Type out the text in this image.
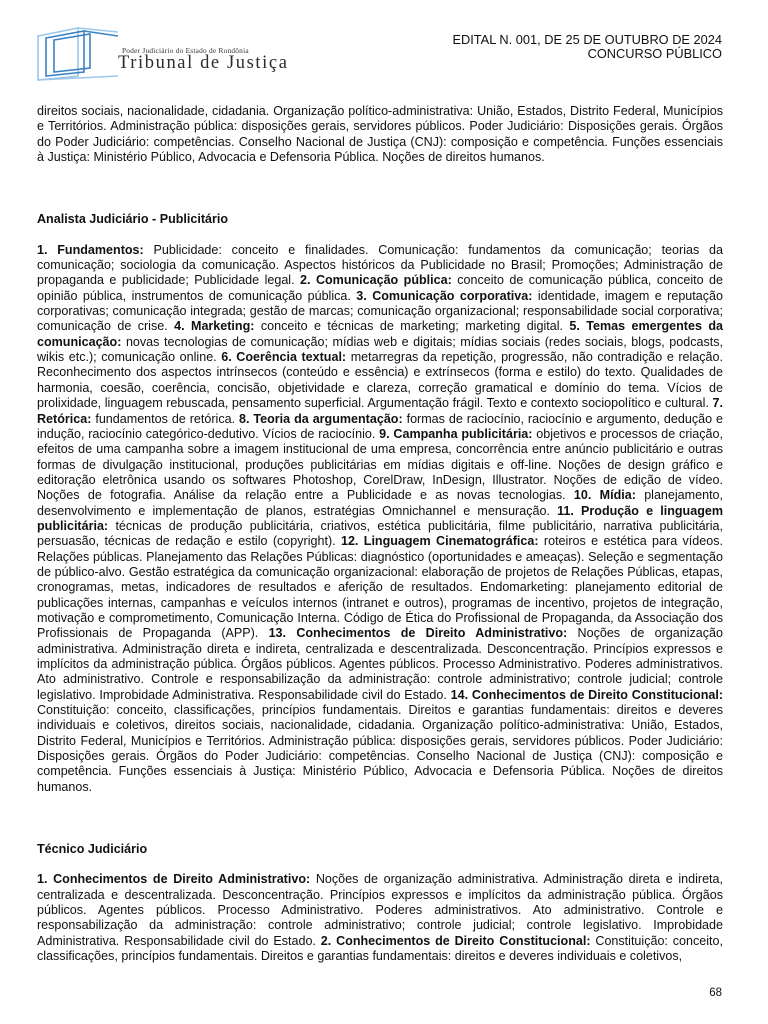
Poder Judiciário do Estado de Rondônia
Tribunal de Justiça
EDITAL N. 001, DE 25 DE OUTUBRO DE 2024
CONCURSO PÚBLICO

direitos sociais, nacionalidade, cidadania. Organização político-administrativa: União, Estados, Distrito Federal, Municípios e Territórios. Administração pública: disposições gerais, servidores públicos. Poder Judiciário: Disposições gerais. Órgãos do Poder Judiciário: competências. Conselho Nacional de Justiça (CNJ): composição e competência. Funções essenciais à Justiça: Ministério Público, Advocacia e Defensoria Pública. Noções de direitos humanos.

Analista Judiciário - Publicitário

1. Fundamentos: Publicidade: conceito e finalidades. Comunicação: fundamentos da comunicação; teorias da comunicação; sociologia da comunicação. Aspectos históricos da Publicidade no Brasil; Promoções; Administração de propaganda e publicidade; Publicidade legal. 2. Comunicação pública: conceito de comunicação pública, conceito de opinião pública, instrumentos de comunicação pública. 3. Comunicação corporativa: identidade, imagem e reputação corporativas; comunicação integrada; gestão de marcas; comunicação organizacional; responsabilidade social corporativa; comunicação de crise. 4. Marketing: conceito e técnicas de marketing; marketing digital. 5. Temas emergentes da comunicação: novas tecnologias de comunicação; mídias web e digitais; mídias sociais (redes sociais, blogs, podcasts, wikis etc.); comunicação online. 6. Coerência textual: metarregras da repetição, progressão, não contradição e relação. Reconhecimento dos aspectos intrínsecos (conteúdo e essência) e extrínsecos (forma e estilo) do texto. Qualidades de harmonia, coesão, coerência, concisão, objetividade e clareza, correção gramatical e domínio do tema. Vícios de prolixidade, linguagem rebuscada, pensamento superficial. Argumentação frágil. Texto e contexto sociopolítico e cultural. 7. Retórica: fundamentos de retórica. 8. Teoria da argumentação: formas de raciocínio, raciocínio e argumento, dedução e indução, raciocínio categórico-dedutivo. Vícios de raciocínio. 9. Campanha publicitária: objetivos e processos de criação, efeitos de uma campanha sobre a imagem institucional de uma empresa, concorrência entre anúncio publicitário e outras formas de divulgação institucional, produções publicitárias em mídias digitais e off-line. Noções de design gráfico e editoração eletrônica usando os softwares Photoshop, CorelDraw, InDesign, Illustrator. Noções de edição de vídeo. Noções de fotografia. Análise da relação entre a Publicidade e as novas tecnologias. 10. Mídia: planejamento, desenvolvimento e implementação de planos, estratégias Omnichannel e mensuração. 11. Produção e linguagem publicitária: técnicas de produção publicitária, criativos, estética publicitária, filme publicitário, narrativa publicitária, persuasão, técnicas de redação e estilo (copyright). 12. Linguagem Cinematográfica: roteiros e estética para vídeos. Relações públicas. Planejamento das Relações Públicas: diagnóstico (oportunidades e ameaças). Seleção e segmentação de público-alvo. Gestão estratégica da comunicação organizacional: elaboração de projetos de Relações Públicas, etapas, cronogramas, metas, indicadores de resultados e aferição de resultados. Endomarketing: planejamento editorial de publicações internas, campanhas e veículos internos (intranet e outros), programas de incentivo, projetos de integração, motivação e comprometimento, Comunicação Interna. Código de Ética do Profissional de Propaganda, da Associação dos Profissionais de Propaganda (APP). 13. Conhecimentos de Direito Administrativo: Noções de organização administrativa. Administração direta e indireta, centralizada e descentralizada. Desconcentração. Princípios expressos e implícitos da administração pública. Órgãos públicos. Agentes públicos. Processo Administrativo. Poderes administrativos. Ato administrativo. Controle e responsabilização da administração: controle administrativo; controle judicial; controle legislativo. Improbidade Administrativa. Responsabilidade civil do Estado. 14. Conhecimentos de Direito Constitucional: Constituição: conceito, classificações, princípios fundamentais. Direitos e garantias fundamentais: direitos e deveres individuais e coletivos, direitos sociais, nacionalidade, cidadania. Organização político-administrativa: União, Estados, Distrito Federal, Municípios e Territórios. Administração pública: disposições gerais, servidores públicos. Poder Judiciário: Disposições gerais. Órgãos do Poder Judiciário: competências. Conselho Nacional de Justiça (CNJ): composição e competência. Funções essenciais à Justiça: Ministério Público, Advocacia e Defensoria Pública. Noções de direitos humanos.

Técnico Judiciário

1. Conhecimentos de Direito Administrativo: Noções de organização administrativa. Administração direta e indireta, centralizada e descentralizada. Desconcentração. Princípios expressos e implícitos da administração pública. Órgãos públicos. Agentes públicos. Processo Administrativo. Poderes administrativos. Ato administrativo. Controle e responsabilização da administração: controle administrativo; controle judicial; controle legislativo. Improbidade Administrativa. Responsabilidade civil do Estado. 2. Conhecimentos de Direito Constitucional: Constituição: conceito, classificações, princípios fundamentais. Direitos e garantias fundamentais: direitos e deveres individuais e coletivos,

68
